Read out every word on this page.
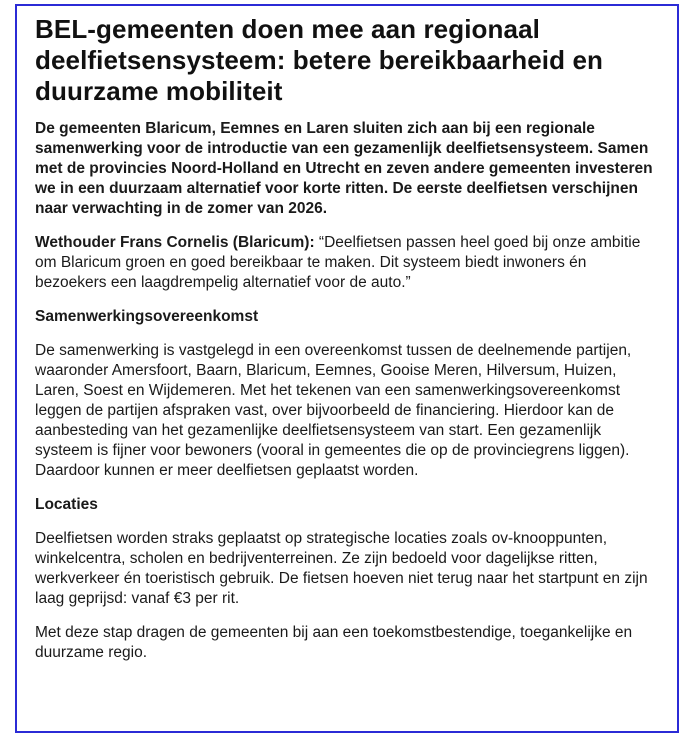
BEL-gemeenten doen mee aan regionaal deelfietsensysteem: betere bereikbaarheid en duurzame mobiliteit

De gemeenten Blaricum, Eemnes en Laren sluiten zich aan bij een regionale samenwerking voor de introductie van een gezamenlijk deelfietsensysteem. Samen met de provincies Noord-Holland en Utrecht en zeven andere gemeenten investeren we in een duurzaam alternatief voor korte ritten. De eerste deelfietsen verschijnen naar verwachting in de zomer van 2026.

Wethouder Frans Cornelis (Blaricum): “Deelfietsen passen heel goed bij onze ambitie om Blaricum groen en goed bereikbaar te maken. Dit systeem biedt inwoners én bezoekers een laagdrempelig alternatief voor de auto.”

Samenwerkingsovereenkomst

De samenwerking is vastgelegd in een overeenkomst tussen de deelnemende partijen, waaronder Amersfoort, Baarn, Blaricum, Eemnes, Gooise Meren, Hilversum, Huizen, Laren, Soest en Wijdemeren. Met het tekenen van een samenwerkingsovereenkomst leggen de partijen afspraken vast, over bijvoorbeeld de financiering. Hierdoor kan de aanbesteding van het gezamenlijke deelfietsensysteem van start. Een gezamenlijk systeem is fijner voor bewoners (vooral in gemeentes die op de provinciegrens liggen). Daardoor kunnen er meer deelfietsen geplaatst worden.

Locaties

Deelfietsen worden straks geplaatst op strategische locaties zoals ov-knooppunten, winkelcentra, scholen en bedrijventerreinen. Ze zijn bedoeld voor dagelijkse ritten, werkverkeer én toeristisch gebruik. De fietsen hoeven niet terug naar het startpunt en zijn laag geprijsd: vanaf €3 per rit.

Met deze stap dragen de gemeenten bij aan een toekomstbestendige, toegankelijke en duurzame regio.
